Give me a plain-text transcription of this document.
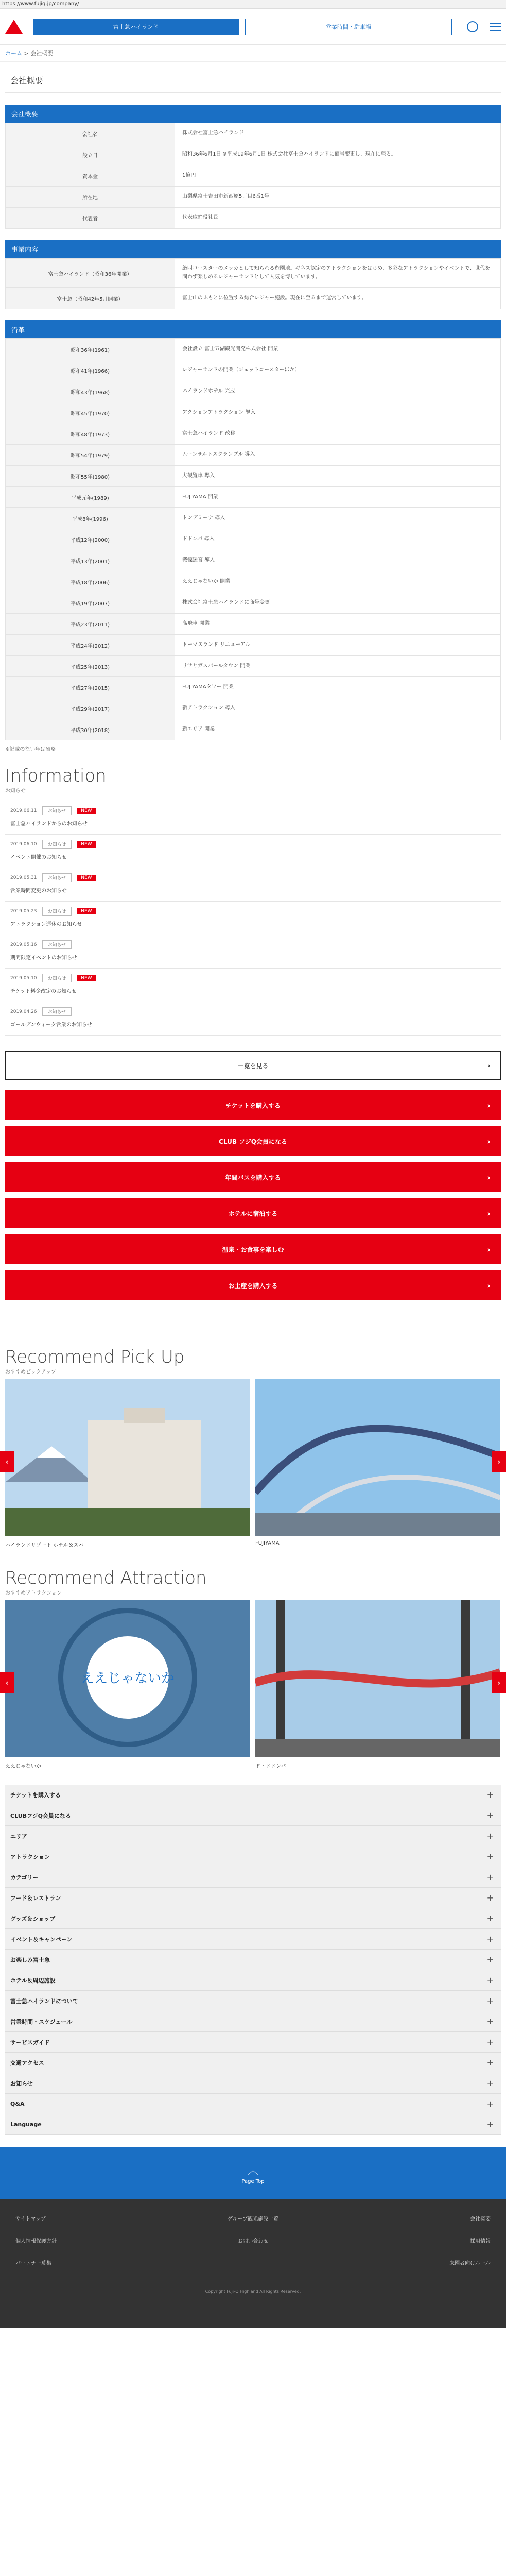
https://www.fujiq.jp/company/
富士急ハイランド	営業時間・駐車場
ホーム > 会社概要
会社概要
会社概要
会社名	株式会社富士急ハイランド
設立日	昭和36年6月1日 ※平成19年6月1日 株式会社富士急ハイランドに商号変更し、現在に至る。
資本金	1億円
所在地	山梨県富士吉田市新西原5丁目6番1号
代表者	代表取締役社長
事業内容
富士急ハイランド（昭和36年開業）	絶叫コースターのメッカとして知られる遊園地。ギネス認定のアトラクションをはじめ、多彩なアトラクションやイベントで、世代を問わず楽しめるレジャーランドとして人気を博しています。
富士急（昭和42年5月開業）	富士山のふもとに位置する総合レジャー施設。現在に至るまで運営しています。
沿革
昭和36年(1961)	会社設立 富士五湖観光開発株式会社 開業
昭和41年(1966)	レジャーランドの開業（ジェットコースターほか）
昭和43年(1968)	ハイランドホテル 完成
昭和45年(1970)	アクションアトラクション 導入
昭和48年(1973)	富士急ハイランド 改称
昭和54年(1979)	ムーンサルトスクランブル 導入
昭和55年(1980)	大観覧車 導入
平成元年(1989)	FUJIYAMA 開業
平成8年(1996)	トンデミーナ 導入
平成12年(2000)	ドドンパ 導入
平成13年(2001)	戦慄迷宮 導入
平成18年(2006)	ええじゃないか 開業
平成19年(2007)	株式会社富士急ハイランドに商号変更
平成23年(2011)	高飛車 開業
平成24年(2012)	トーマスランド リニューアル
平成25年(2013)	リサとガスパールタウン 開業
平成27年(2015)	FUJIYAMAタワー 開業
平成29年(2017)	新アトラクション 導入
平成30年(2018)	新エリア 開業
※記載のない年は省略
Information
お知らせ
2019.06.11	お知らせ	NEW
富士急ハイランドからのお知らせ
2019.06.10	お知らせ	NEW
イベント開催のお知らせ
2019.05.31	お知らせ	NEW
営業時間変更のお知らせ
2019.05.23	お知らせ	NEW
アトラクション運休のお知らせ
2019.05.16	お知らせ
期間限定イベントのお知らせ
2019.05.10	お知らせ	NEW
チケット料金改定のお知らせ
2019.04.26	お知らせ
ゴールデンウィーク営業のお知らせ
一覧を見る	›
チケットを購入する	›
CLUB フジQ会員になる	›
年間パスを購入する	›
ホテルに宿泊する	›
温泉・お食事を楽しむ	›
お土産を購入する	›
Recommend Pick Up
おすすめピックアップ
ハイランドリゾート ホテル＆スパ	FUJIYAMA
‹	›
Recommend Attraction
おすすめアトラクション
ええじゃないか
ええじゃないか	ド・ドドンパ
‹	›
チケットを購入する	+
CLUBフジQ会員になる	+
エリア	+
アトラクション	+
カテゴリー	+
フード＆レストラン	+
グッズ＆ショップ	+
イベント＆キャンペーン	+
お楽しみ富士急	+
ホテル＆周辺施設	+
富士急ハイランドについて	+
営業時間・スケジュール	+
サービスガイド	+
交通アクセス	+
お知らせ	+
Q&A	+
Language	+
︿
Page Top
サイトマップ	グループ観光施設一覧	会社概要
個人情報保護方針	お問い合わせ	採用情報
パートナー募集	来園者向けルール
Copyright Fuji-Q Highland All Rights Reserved.
